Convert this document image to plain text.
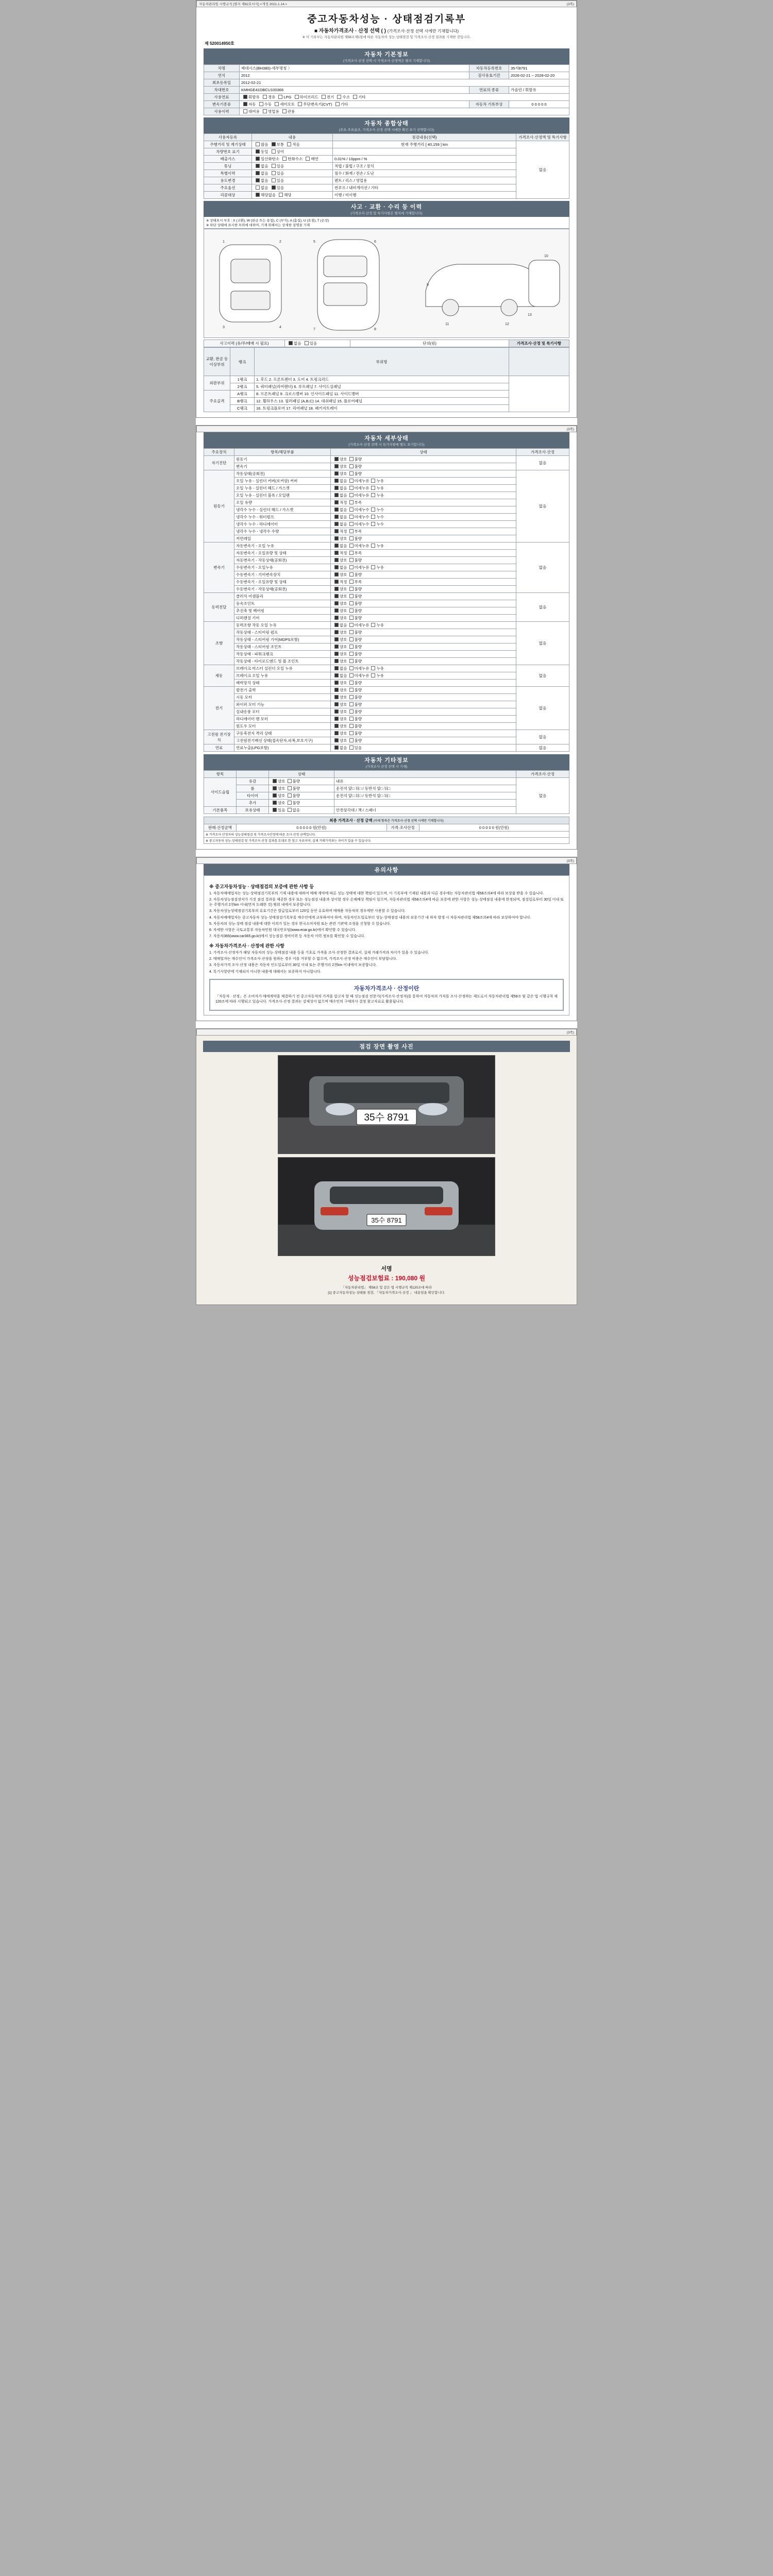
자동차관리법 시행규칙 [별지 제82호서식] <개정 2021.1.14.>	(3쪽)
중고자동차성능 · 상태점검기록부
■ 자동차가격조사 · 산정 선택 ( ) (가격조사·산정 선택 시에만 기재합니다)
※ 이 기록부는 자동차관리법 제58조제1항에 따른 자동차의 성능·상태점검 및 가격조사·산정 결과를 기재한 것입니다.
제 520014950호
자동차 기본정보
(가격조사·산정 선택 시 가격조사·산정액은 별지 기재합니다)
차명	제네시스(BH380)-세부명칭 〉	자동차등록번호	35서8791
연식	2012	검사유효기간	2026-02-21 ~ 2028-02-20
최초등록일	2012-02-21		
차대번호	KMHGE41DBCU100366	연료의 종류	가솔린 / 휘발유
사용연료	휘발유 경유 LPG 하이브리드 전기 수소 기타		
변속기종류	자동 수동 세미오토 무단변속기(CVT) 기타	자동차 기록부상	0 0 0 0 0
사용이력	대여용 영업용 관용		
자동차 종합상태
(주요·주요골조, 가격조사·산정 선택 시에만 확인 표기 선택합니다)
사용자등록	내용	점검내용(선택)	가격조사·산정액 및 특기사항
주행거리 및 계기상태	많음 보통 적음	현재 주행거리 [ 40,159 ] km	없음
차량번호 표기	동일 상이		
배출가스	일산화탄소 탄화수소 매연	0.01% / 10ppm / %	
튜닝	없음 있음	적법 / 불법 / 구조 / 장치	
특별이력	없음 있음	침수 / 화재 / 전손 / 도난	
용도변경	없음 있음	렌트 / 리스 / 영업용	
주요옵션	없음 있음	썬루프 / 내비게이션 / 기타	
리콜대상	해당없음 해당	이행 / 미이행	
사고 · 교환 · 수리 등 이력
(가격조사·산정 및 특기사항은 별지에 기재합니다)
※ 상태표시 부호 : X (교환), W (판금 또는 용접), C (부식), A (흠집), U (요철), T (손상)
※ 하단 상태에 표시한 부위에 대하여, 기재 위해서는 상세한 설명을 기재
1	2
3	4
5	6
7	8
9
10
11	12
13
사고이력 (유/무/매매 시 필요)	없음 있음	단위(원)	가격조사·산정 및 특기사항
교환, 판금 등 이상부위	랭크	부위명	
외판부위	1랭크	1. 후드 2. 프론트펜더 3. 도어 4. 트렁크리드	
	2랭크	5. 쿼터패널(리어펜더) 6. 루프패널 7. 사이드실패널	
주요골격	A랭크	8. 프론트패널 9. 크로스멤버 10. 인사이드패널 11. 사이드멤버	
	B랭크	12. 휠하우스 13. 필러패널 (A,B,C) 14. 대쉬패널 15. 플로어패널	
	C랭크	16. 트렁크플로어 17. 리어패널 18. 패키지트레이	

(3쪽)
자동차 세부상태
(가격조사·산정 선택 시 특기사항에 별도 표기합니다)
주요장치	항목/해당부품	상태	가격조사·산정
자기진단	원동기	양호 불량	없음
	변속기	양호 불량	
원동기	작동상태(공회전)	양호 불량	없음
	오일 누유 - 실린더 커버(로커암) 커버	없음 미세누유 누유	
	오일 누유 - 실린더 헤드 / 가스켓	없음 미세누유 누유	
	오일 누유 - 실린더 블록 / 오일팬	없음 미세누유 누유	
	오일 유량	적정 부족	
	냉각수 누수 - 실린더 헤드 / 가스켓	없음 미세누수 누수	
	냉각수 누수 - 워터펌프	없음 미세누수 누수	
	냉각수 누수 - 라디에이터	없음 미세누수 누수	
	냉각수 누수 - 냉각수 수량	적정 부족	
	커먼레일	양호 불량	
변속기	자동변속기 - 오일 누유	없음 미세누유 누유	없음
	자동변속기 - 오일유량 및 상태	적정 부족	
	자동변속기 - 작동상태(공회전)	양호 불량	
	수동변속기 - 오일누유	없음 미세누유 누유	
	수동변속기 - 기어변속장치	양호 불량	
	수동변속기 - 오일유량 및 상태	적정 부족	
	수동변속기 - 작동상태(공회전)	양호 불량	
동력전달	클러치 어셈블리	양호 불량	없음
	등속조인트	양호 불량	
	추진축 및 베어링	양호 불량	
	디퍼렌셜 기어	양호 불량	
조향	동력조향 작동 오일 누유	없음 미세누유 누유	없음
	작동상태 - 스티어링 펌프	양호 불량	
	작동상태 - 스티어링 기어(MDPS포함)	양호 불량	
	작동상태 - 스티어링 조인트	양호 불량	
	작동상태 - 파워크랭크	양호 불량	
	작동상태 - 타이로드엔드 및 볼 조인트	양호 불량	
제동	브레이크 마스터 실린더 오일 누유	없음 미세누유 누유	없음
	브레이크 오일 누유	없음 미세누유 누유	
	배력장치 상태	양호 불량	
전기	발전기 출력	양호 불량	없음
	시동 모터	양호 불량	
	와이퍼 모터 기능	양호 불량	
	실내송풍 모터	양호 불량	
	라디에이터 팬 모터	양호 불량	
	윈도우 모터	양호 불량	
고전원 전기장치	구동축전지 격리 상태	양호 불량	없음
	고전원전기배선 상태(접속단자,피복,보호기구)	양호 불량	
연료	연료누출(LPG포함)	없음 있음	없음
자동차 기타정보
(가격조사·산정 선택 시 기재)
항목		상태		가격조사·산정
사이드슬립	유감	양호 불량	내유	없음
	룰	양호 불량	운전석 앞□ 뒤□ / 동반석 앞□ 뒤□	
	타이어	양호 불량	운전석 앞□ 뒤□ / 동반석 앞□ 뒤□	
	추가	양호 불량		
기본품목	보유상태	있음 없음	안전삼각대 / 잭 / 스패너	
최종 가격조사 · 산정 금액 (아래 항목은 가격조사·산정 선택 시에만 기재합니다)
판매·산정금액	0 0 0 0 0 원(만원)	가격·조사산정	0 0 0 0 0 원(만원)
※ 가격조사·산정자의 성능상태점검 및 가격조사산정에 따른 조사·산정 금액입니다.
※ 중고자동차 성능·상태점검 및 가격조사·산정 결과를 토대로 한 참고 자료이며, 실제 거래가격과는 차이가 있을 수 있습니다.

(3쪽)
유의사항
※ 중고자동차성능 · 상태점검의 보증에 관한 사항 등

1. 자동차매매업자는 성능·상태점검기록부의 기재 내용에 대하여 매매 계약에 따른 성능·상태에 대한 책임이 있으며, 이 기록부에 기재된 내용과 다른 경우에는 자동차관리법 제58조의4에 따라 보상을 받을 수 있습니다.

2. 자동차성능점검장치가 거짓 점검 결과를 제공한 경우 또는 성능점검 내용과 상이할 경우 손해배상 책임이 있으며, 자동차관리법 제58조의4에 따른 보증에 관한 사항은 성능·상태점검 내용에 한정되며, 점검일로부터 30일 이내 또는 주행거리 2천km 이내(먼저 도래한 것) 범위 내에서 보증합니다.

3. 자동차성능상태점검기록부의 유효기간은 발급일로부터 120일 동안 유효하며 매매용 자동차의 경우에만 사용할 수 있습니다.

4. 자동차매매업자는 중고자동차 성능·상태점검기록부를 매수인에게 교부하여야 하며, 자동차인도일로부터 성능·상태점검 내용의 보증기간 내 하자 발생 시 자동차관리법 제58조의4에 따라 보상하여야 합니다.

5. 자동차의 성능·상태 점검 내용에 대한 이의가 있는 경우 한국소비자원 또는 관련 기관에 조정을 신청할 수 있습니다.

6. 자세한 사항은 국토교통부 자동차민원 대국민포털(www.ecar.go.kr)에서 확인할 수 있습니다.

7. 자동차365(www.car365.go.kr)에서 성능점검·정비이력 등 자동차 이력 정보를 확인할 수 있습니다.

※ 자동차가격조사 · 산정에 관한 사항

1. 가격조사·산정자가 해당 자동차의 성능·상태점검 내용 등을 기초로 가격을 조사·산정한 결과로서, 실제 거래가격과 차이가 있을 수 있습니다.

2. 매매업자는 매수인이 가격조사·산정을 원하는 경우 이를 거부할 수 없으며, 가격조사·산정 비용은 매수인이 부담합니다.

3. 자동차가격 조사·산정 내용은 자동차 인도일로부터 30일 이내 또는 주행거리 2천km 이내에서 보증합니다.

4. 특기사항란에 기재되지 아니한 내용에 대해서는 보증하지 아니합니다.

자동차가격조사 · 산정이란

「자동차 · 산정」은 소비자가 매매계약을 체결하기 전 중고자동차의 가격을 알고자 할 때 성능점검 전문가(가격조사·산정자)를 통하여 자동차의 가치를 조사·산정하는 제도로서 자동차관리법 제58조 및 같은 법 시행규칙 제120조에 따라 시행되고 있습니다. 가격조사·산정 결과는 강제성이 없으며 매수인의 구매의사 결정 참고자료로 활용됩니다.

(3쪽)
점검 장면 촬영 사진
35수 8791
35수 8791
서명
성능점검보험료 : 190,080 원
「자동차관리법」 제58조 및 같은 법 시행규칙 제120조에 따라
[1] 중고자동차성능·상태를 점검, 「자동차가격조사·산정 」 내용임을 확인합니다.
